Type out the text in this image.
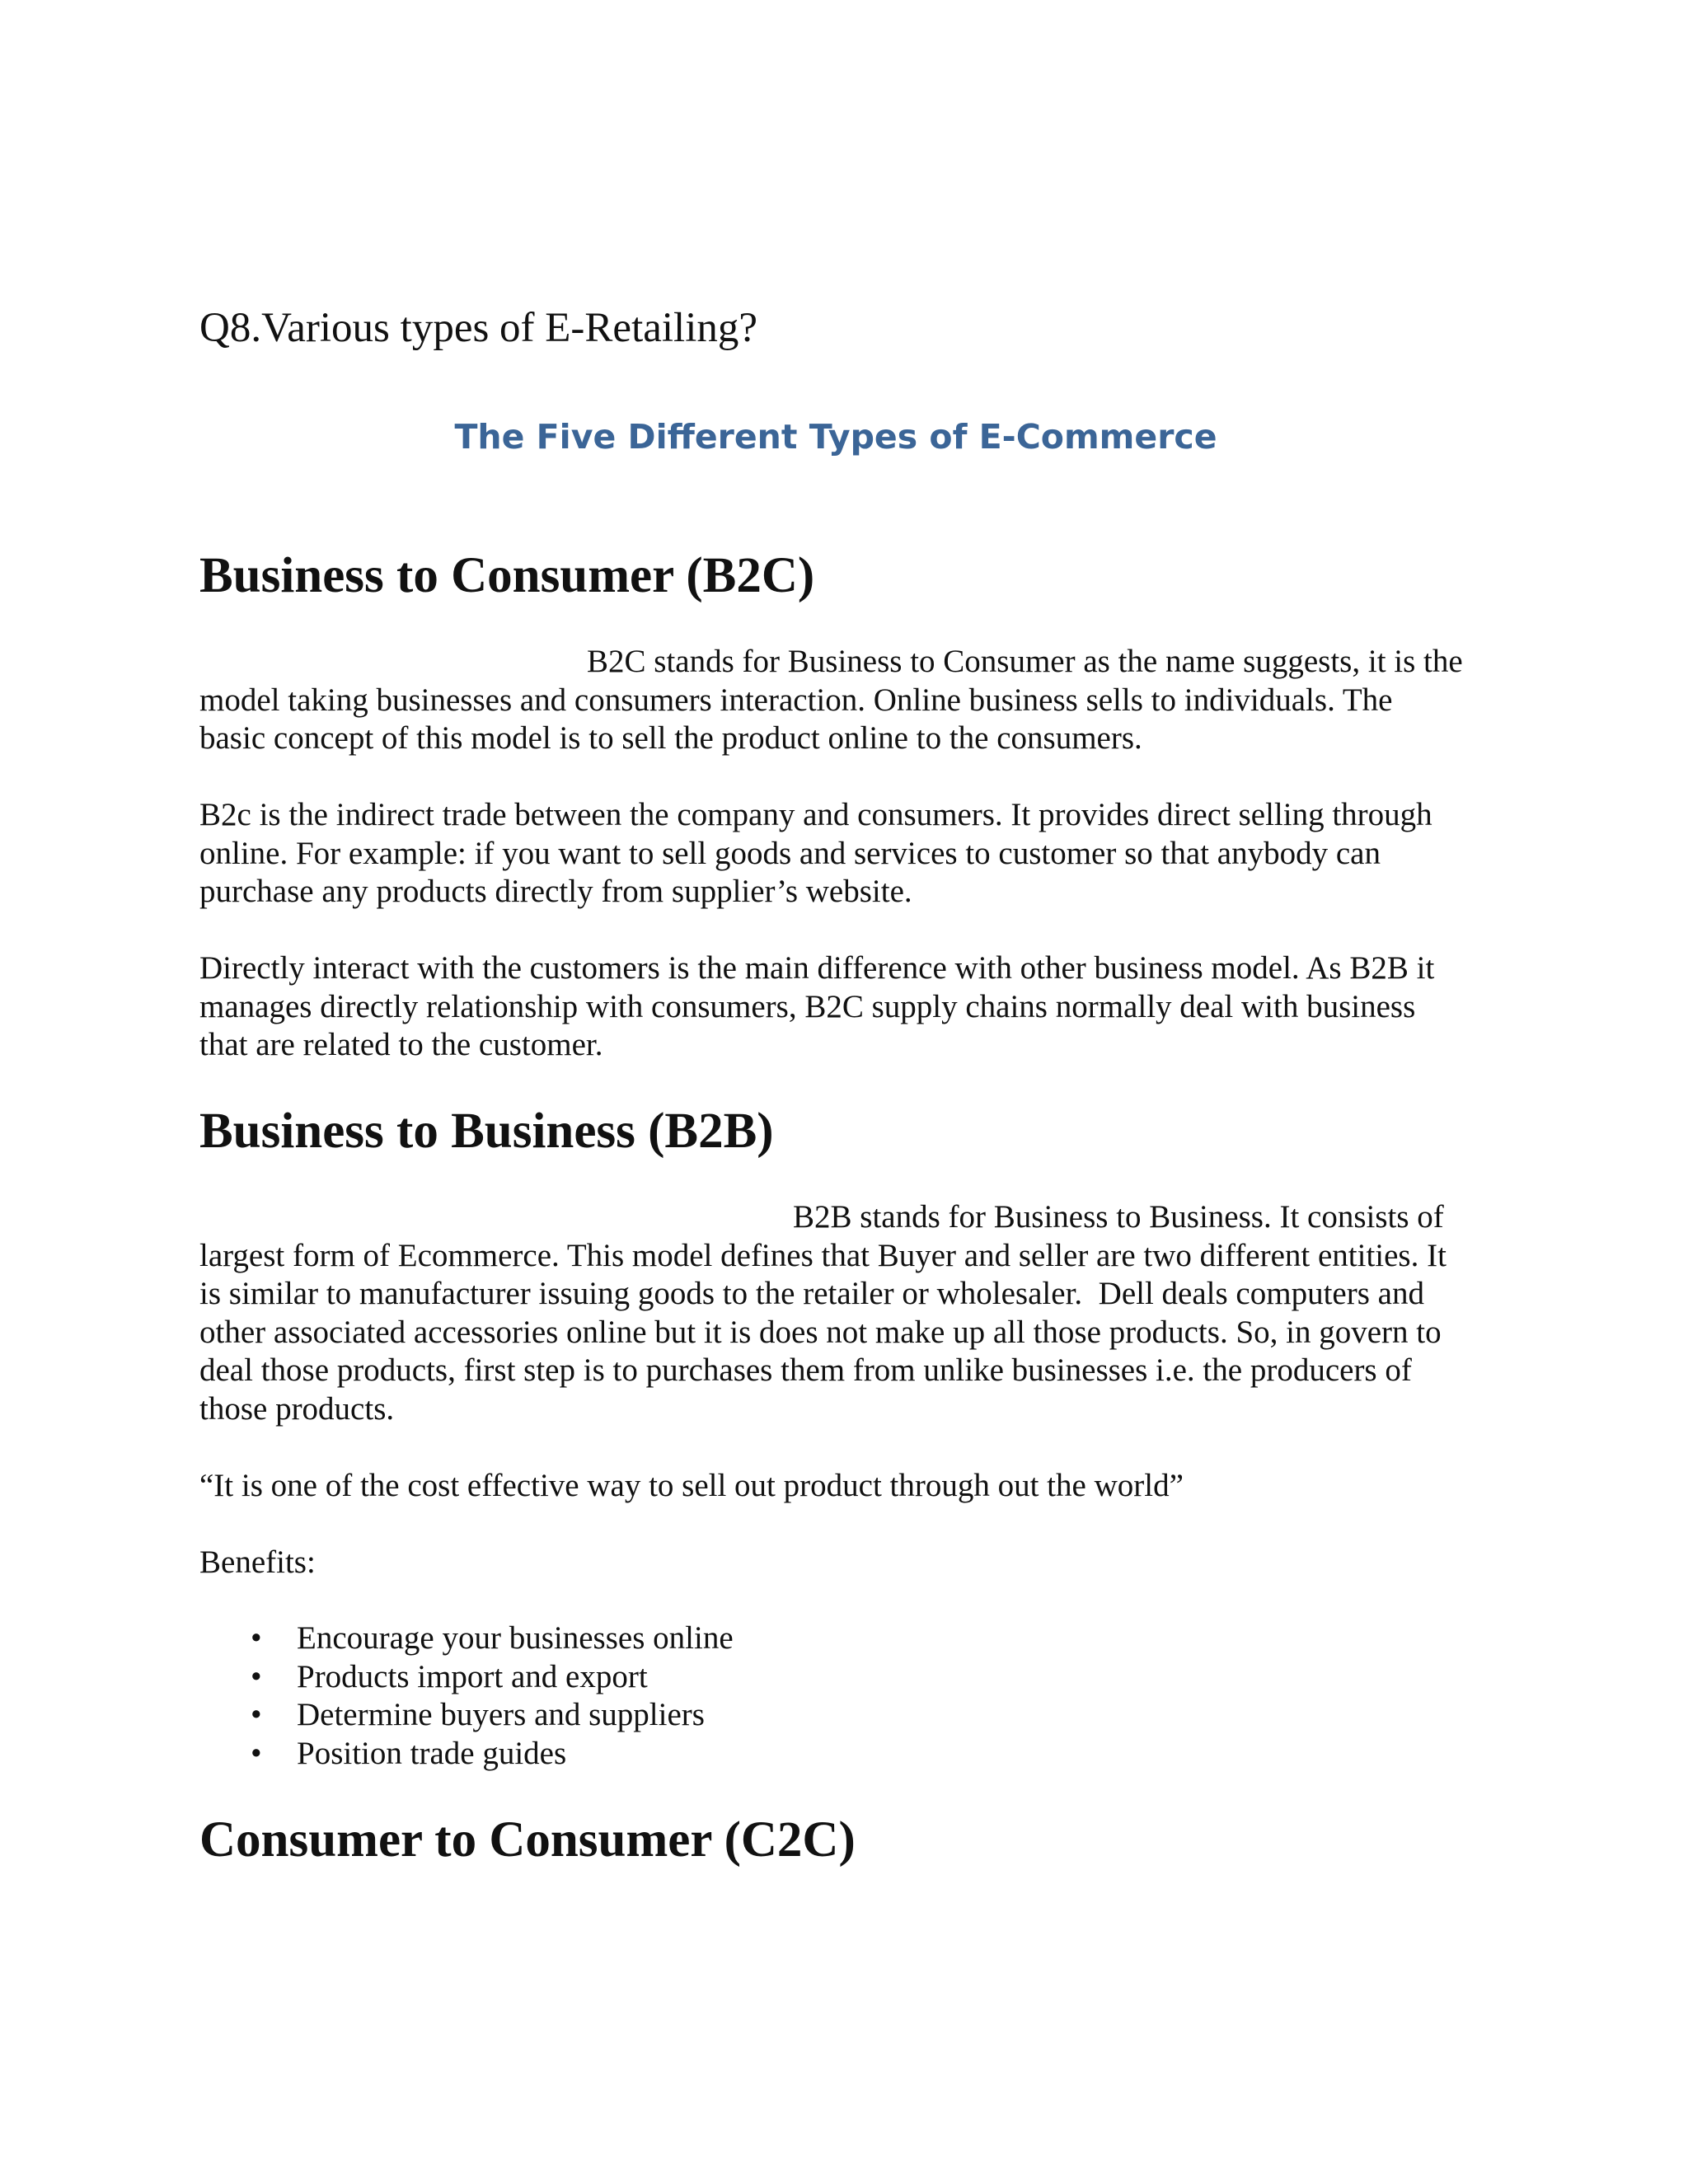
Q8.Various types of E-Retailing?
The Five Different Types of E-Commerce
Business to Consumer (B2C)

B2C stands for Business to Consumer as the name suggests, it is the
model taking businesses and consumers interaction. Online business sells to individuals. The
basic concept of this model is to sell the product online to the consumers.

B2c is the indirect trade between the company and consumers. It provides direct selling through
online. For example: if you want to sell goods and services to customer so that anybody can
purchase any products directly from supplier’s website.

Directly interact with the customers is the main difference with other business model. As B2B it
manages directly relationship with consumers, B2C supply chains normally deal with business
that are related to the customer.

Business to Business (B2B)

B2B stands for Business to Business. It consists of
largest form of Ecommerce. This model defines that Buyer and seller are two different entities. It
is similar to manufacturer issuing goods to the retailer or wholesaler.  Dell deals computers and
other associated accessories online but it is does not make up all those products. So, in govern to
deal those products, first step is to purchases them from unlike businesses i.e. the producers of
those products.

“It is one of the cost effective way to sell out product through out the world”

Benefits:

• Encourage your businesses online
• Products import and export
• Determine buyers and suppliers
• Position trade guides
Consumer to Consumer (C2C)
